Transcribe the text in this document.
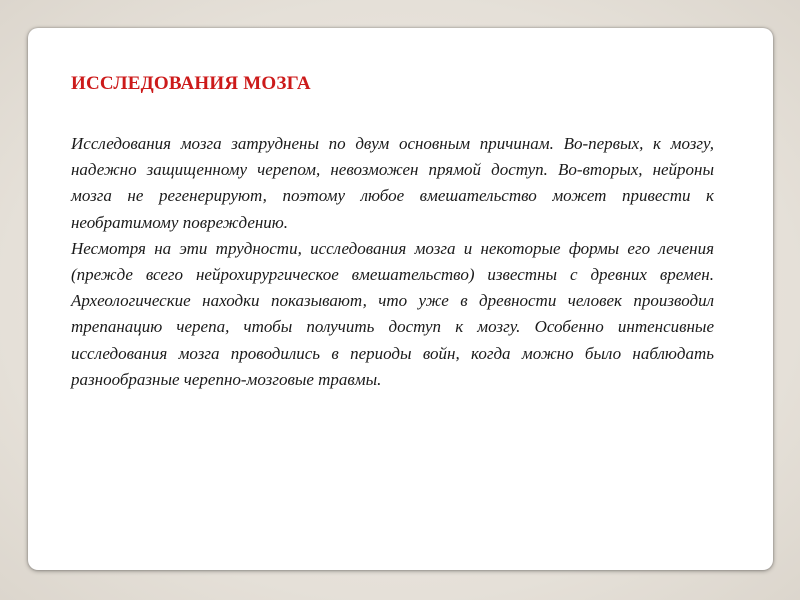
ИССЛЕДОВАНИЯ МОЗГА

Исследования мозга затруднены по двум основным причинам. Во-первых, к мозгу, надежно защищенному черепом, невозможен прямой доступ. Во-вторых, нейроны мозга не регенерируют, поэтому любое вмешательство может привести к необратимому повреждению.

Несмотря на эти трудности, исследования мозга и некоторые формы его лечения (прежде всего нейрохирургическое вмешательство) известны с древних времен. Археологические находки показывают, что уже в древности человек производил трепанацию черепа, чтобы получить доступ к мозгу. Особенно интенсивные исследования мозга проводились в периоды войн, когда можно было наблюдать разнообразные черепно-мозговые травмы.
